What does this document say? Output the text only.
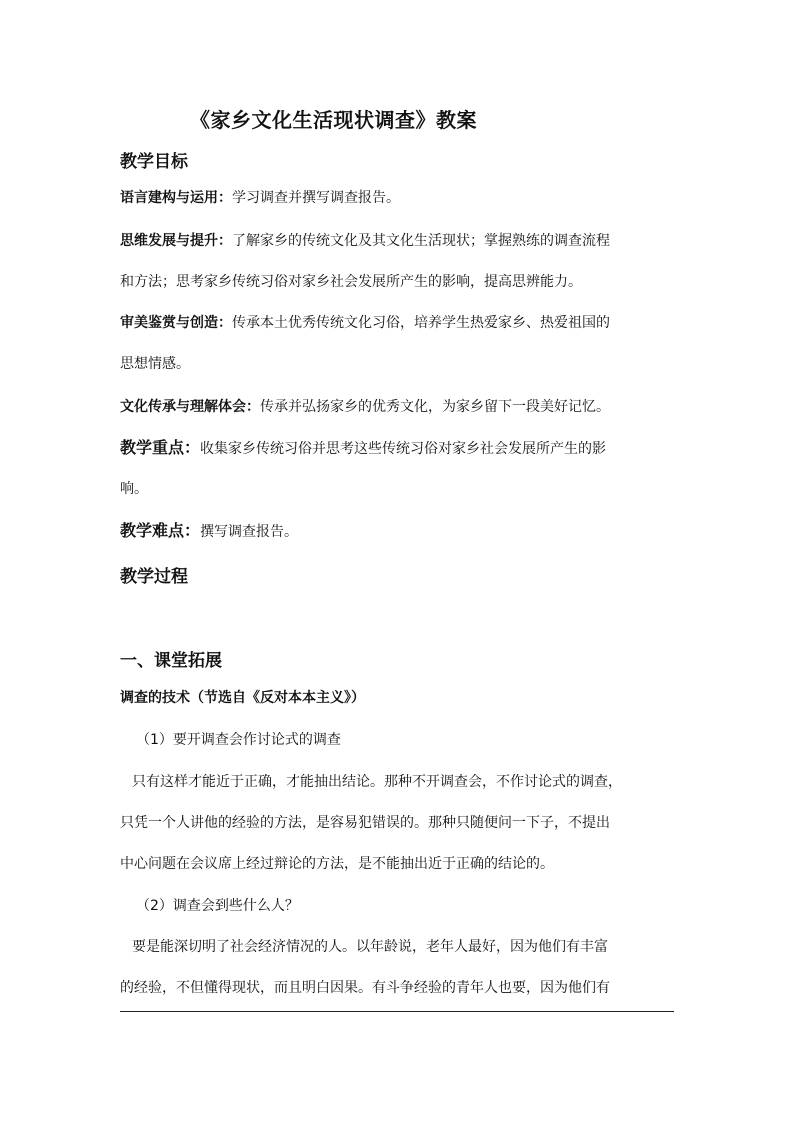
《家乡文化生活现状调查》教案
教学目标
语言建构与运用：学习调查并撰写调查报告。
思维发展与提升：了解家乡的传统文化及其文化生活现状；掌握熟练的调查流程
和方法；思考家乡传统习俗对家乡社会发展所产生的影响，提高思辨能力。
审美鉴赏与创造：传承本土优秀传统文化习俗，培养学生热爱家乡、热爱祖国的
思想情感。
文化传承与理解体会：传承并弘扬家乡的优秀文化，为家乡留下一段美好记忆。
教学重点：收集家乡传统习俗并思考这些传统习俗对家乡社会发展所产生的影
响。
教学难点：撰写调查报告。
教学过程
一、课堂拓展
调查的技术（节选自《反对本本主义》）
（1）要开调查会作讨论式的调查
只有这样才能近于正确，才能抽出结论。那种不开调查会，不作讨论式的调查，
只凭一个人讲他的经验的方法，是容易犯错误的。那种只随便问一下子，不提出
中心问题在会议席上经过辩论的方法，是不能抽出近于正确的结论的。
（2）调查会到些什么人？
要是能深切明了社会经济情况的人。以年龄说，老年人最好，因为他们有丰富
的经验，不但懂得现状，而且明白因果。有斗争经验的青年人也要，因为他们有
